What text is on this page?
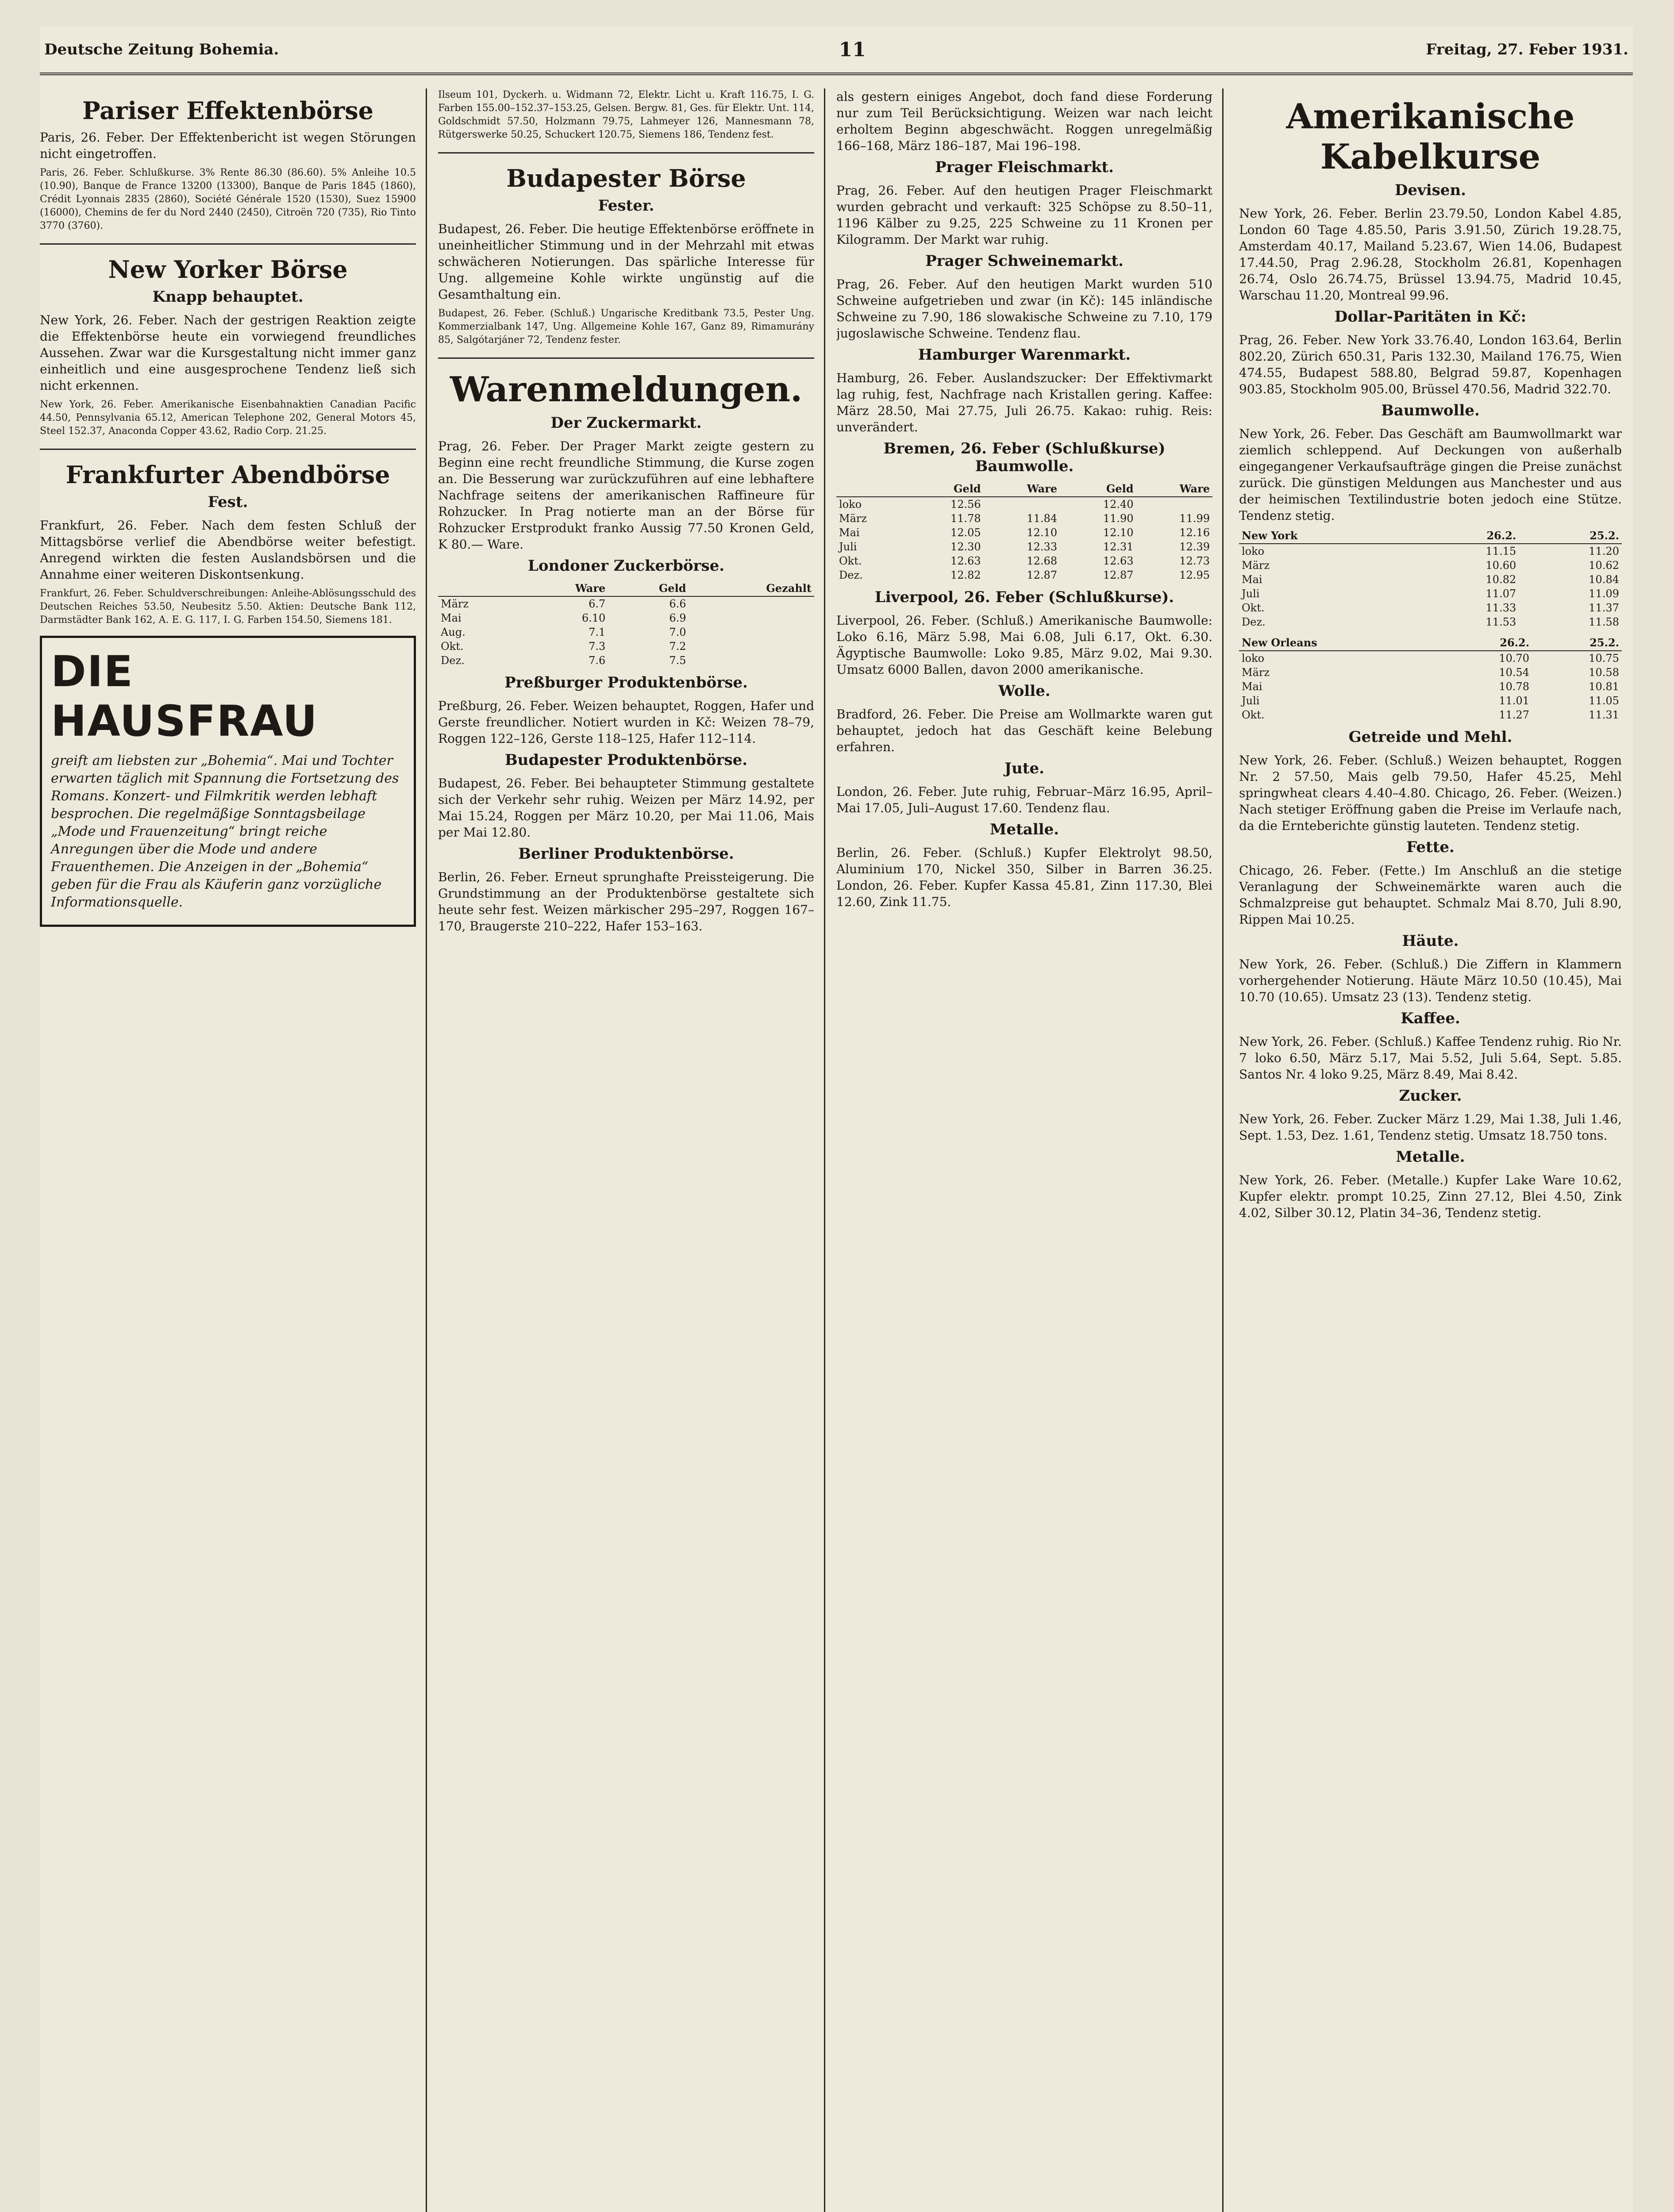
Deutsche Zeitung Bohemia.	11	Freitag, 27. Feber 1931.
Pariser Effektenbörse

Paris, 26. Feber. Der Effektenbericht ist wegen Störungen nicht eingetroffen.

Paris, 26. Feber. Schlußkurse. 3% Rente 86.30 (86.60). 5% Anleihe 10.5 (10.90), Banque de France 13200 (13300), Banque de Paris 1845 (1860), Crédit Lyonnais 2835 (2860), Société Générale 1520 (1530), Suez 15900 (16000), Chemins de fer du Nord 2440 (2450), Citroën 720 (735), Rio Tinto 3770 (3760).

New Yorker Börse
Knapp behauptet.

New York, 26. Feber. Nach der gestrigen Reaktion zeigte die Effektenbörse heute ein vorwiegend freundliches Aussehen. Zwar war die Kursgestaltung nicht immer ganz einheitlich und eine ausgesprochene Tendenz ließ sich nicht erkennen.

New York, 26. Feber. Amerikanische Eisenbahnaktien Canadian Pacific 44.50, Pennsylvania 65.12, American Telephone 202, General Motors 45, Steel 152.37, Anaconda Copper 43.62, Radio Corp. 21.25.

Frankfurter Abendbörse
Fest.

Frankfurt, 26. Feber. Nach dem festen Schluß der Mittagsbörse verlief die Abendbörse weiter befestigt. Anregend wirkten die festen Auslandsbörsen und die Annahme einer weiteren Diskontsenkung.

Frankfurt, 26. Feber. Schuldverschreibungen: Anleihe-Ablösungsschuld des Deutschen Reiches 53.50, Neubesitz 5.50. Aktien: Deutsche Bank 112, Darmstädter Bank 162, A. E. G. 117, I. G. Farben 154.50, Siemens 181.

DIE HAUSFRAU

greift am liebsten zur „Bohemia“. Mai und Tochter erwarten täglich mit Spannung die Fortsetzung des Romans. Konzert- und Filmkritik werden lebhaft besprochen. Die regelmäßige Sonntagsbeilage „Mode und Frauenzeitung“ bringt reiche Anregungen über die Mode und andere Frauenthemen. Die Anzeigen in der „Bohemia“ geben für die Frau als Käuferin ganz vorzügliche Informationsquelle.

Ilseum 101, Dyckerh. u. Widmann 72, Elektr. Licht u. Kraft 116.75, I. G. Farben 155.00–152.37–153.25, Gelsen. Bergw. 81, Ges. für Elektr. Unt. 114, Goldschmidt 57.50, Holzmann 79.75, Lahmeyer 126, Mannesmann 78, Rütgerswerke 50.25, Schuckert 120.75, Siemens 186, Tendenz fest.

Budapester Börse
Fester.

Budapest, 26. Feber. Die heutige Effektenbörse eröffnete in uneinheitlicher Stimmung und in der Mehrzahl mit etwas schwächeren Notierungen. Das spärliche Interesse für Ung. allgemeine Kohle wirkte ungünstig auf die Gesamthaltung ein.

Budapest, 26. Feber. (Schluß.) Ungarische Kreditbank 73.5, Pester Ung. Kommerzialbank 147, Ung. Allgemeine Kohle 167, Ganz 89, Rimamurány 85, Salgótarjáner 72, Tendenz fester.

Warenmeldungen.
Der Zuckermarkt.

Prag, 26. Feber. Der Prager Markt zeigte gestern zu Beginn eine recht freundliche Stimmung, die Kurse zogen an. Die Besserung war zurückzuführen auf eine lebhaftere Nachfrage seitens der amerikanischen Raffineure für Rohzucker. In Prag notierte man an der Börse für Rohzucker Erstprodukt franko Aussig 77.50 Kronen Geld, K 80.— Ware.

Londoner Zuckerbörse.
	Ware	Geld	Gezahlt
März	6.7	6.6	
Mai	6.10	6.9	
Aug.	7.1	7.0	
Okt.	7.3	7.2	
Dez.	7.6	7.5	
Preßburger Produktenbörse.

Preßburg, 26. Feber. Weizen behauptet, Roggen, Hafer und Gerste freundlicher. Notiert wurden in Kč: Weizen 78–79, Roggen 122–126, Gerste 118–125, Hafer 112–114.

Budapester Produktenbörse.

Budapest, 26. Feber. Bei behaupteter Stimmung gestaltete sich der Verkehr sehr ruhig. Weizen per März 14.92, per Mai 15.24, Roggen per März 10.20, per Mai 11.06, Mais per Mai 12.80.

Berliner Produktenbörse.

Berlin, 26. Feber. Erneut sprunghafte Preissteigerung. Die Grundstimmung an der Produktenbörse gestaltete sich heute sehr fest. Weizen märkischer 295–297, Roggen 167–170, Braugerste 210–222, Hafer 153–163.

als gestern einiges Angebot, doch fand diese Forderung nur zum Teil Berücksichtigung. Weizen war nach leicht erholtem Beginn abgeschwächt. Roggen unregelmäßig 166–168, März 186–187, Mai 196–198.

Prager Fleischmarkt.

Prag, 26. Feber. Auf den heutigen Prager Fleischmarkt wurden gebracht und verkauft: 325 Schöpse zu 8.50–11, 1196 Kälber zu 9.25, 225 Schweine zu 11 Kronen per Kilogramm. Der Markt war ruhig.

Prager Schweinemarkt.

Prag, 26. Feber. Auf den heutigen Markt wurden 510 Schweine aufgetrieben und zwar (in Kč): 145 inländische Schweine zu 7.90, 186 slowakische Schweine zu 7.10, 179 jugoslawische Schweine. Tendenz flau.

Hamburger Warenmarkt.

Hamburg, 26. Feber. Auslandszucker: Der Effektivmarkt lag ruhig, fest, Nachfrage nach Kristallen gering. Kaffee: März 28.50, Mai 27.75, Juli 26.75. Kakao: ruhig. Reis: unverändert.

Bremen, 26. Feber (Schlußkurse) Baumwolle.
	Geld	Ware	Geld	Ware
loko	12.56		12.40	
März	11.78	11.84	11.90	11.99
Mai	12.05	12.10	12.10	12.16
Juli	12.30	12.33	12.31	12.39
Okt.	12.63	12.68	12.63	12.73
Dez.	12.82	12.87	12.87	12.95
Liverpool, 26. Feber (Schlußkurse).

Liverpool, 26. Feber. (Schluß.) Amerikanische Baumwolle: Loko 6.16, März 5.98, Mai 6.08, Juli 6.17, Okt. 6.30. Ägyptische Baumwolle: Loko 9.85, März 9.02, Mai 9.30. Umsatz 6000 Ballen, davon 2000 amerikanische.

Wolle.

Bradford, 26. Feber. Die Preise am Wollmarkte waren gut behauptet, jedoch hat das Geschäft keine Belebung erfahren.

Jute.

London, 26. Feber. Jute ruhig, Februar–März 16.95, April–Mai 17.05, Juli–August 17.60. Tendenz flau.

Metalle.

Berlin, 26. Feber. (Schluß.) Kupfer Elektrolyt 98.50, Aluminium 170, Nickel 350, Silber in Barren 36.25. London, 26. Feber. Kupfer Kassa 45.81, Zinn 117.30, Blei 12.60, Zink 11.75.

Amerikanische Kabelkurse
Devisen.

New York, 26. Feber. Berlin 23.79.50, London Kabel 4.85, London 60 Tage 4.85.50, Paris 3.91.50, Zürich 19.28.75, Amsterdam 40.17, Mailand 5.23.67, Wien 14.06, Budapest 17.44.50, Prag 2.96.28, Stockholm 26.81, Kopenhagen 26.74, Oslo 26.74.75, Brüssel 13.94.75, Madrid 10.45, Warschau 11.20, Montreal 99.96.

Dollar-Paritäten in Kč:

Prag, 26. Feber. New York 33.76.40, London 163.64, Berlin 802.20, Zürich 650.31, Paris 132.30, Mailand 176.75, Wien 474.55, Budapest 588.80, Belgrad 59.87, Kopenhagen 903.85, Stockholm 905.00, Brüssel 470.56, Madrid 322.70.

Baumwolle.

New York, 26. Feber. Das Geschäft am Baumwollmarkt war ziemlich schleppend. Auf Deckungen von außerhalb eingegangener Verkaufsaufträge gingen die Preise zunächst zurück. Die günstigen Meldungen aus Manchester und aus der heimischen Textilindustrie boten jedoch eine Stütze. Tendenz stetig.

New York	26.2.	25.2.
loko	11.15	11.20
März	10.60	10.62
Mai	10.82	10.84
Juli	11.07	11.09
Okt.	11.33	11.37
Dez.	11.53	11.58
New Orleans	26.2.	25.2.
loko	10.70	10.75
März	10.54	10.58
Mai	10.78	10.81
Juli	11.01	11.05
Okt.	11.27	11.31
Getreide und Mehl.

New York, 26. Feber. (Schluß.) Weizen behauptet, Roggen Nr. 2 57.50, Mais gelb 79.50, Hafer 45.25, Mehl springwheat clears 4.40–4.80. Chicago, 26. Feber. (Weizen.) Nach stetiger Eröffnung gaben die Preise im Verlaufe nach, da die Ernteberichte günstig lauteten. Tendenz stetig.

Fette.

Chicago, 26. Feber. (Fette.) Im Anschluß an die stetige Veranlagung der Schweinemärkte waren auch die Schmalzpreise gut behauptet. Schmalz Mai 8.70, Juli 8.90, Rippen Mai 10.25.

Häute.

New York, 26. Feber. (Schluß.) Die Ziffern in Klammern vorhergehender Notierung. Häute März 10.50 (10.45), Mai 10.70 (10.65). Umsatz 23 (13). Tendenz stetig.

Kaffee.

New York, 26. Feber. (Schluß.) Kaffee Tendenz ruhig. Rio Nr. 7 loko 6.50, März 5.17, Mai 5.52, Juli 5.64, Sept. 5.85. Santos Nr. 4 loko 9.25, März 8.49, Mai 8.42.

Zucker.

New York, 26. Feber. Zucker März 1.29, Mai 1.38, Juli 1.46, Sept. 1.53, Dez. 1.61, Tendenz stetig. Umsatz 18.750 tons.

Metalle.

New York, 26. Feber. (Metalle.) Kupfer Lake Ware 10.62, Kupfer elektr. prompt 10.25, Zinn 27.12, Blei 4.50, Zink 4.02, Silber 30.12, Platin 34–36, Tendenz stetig.
